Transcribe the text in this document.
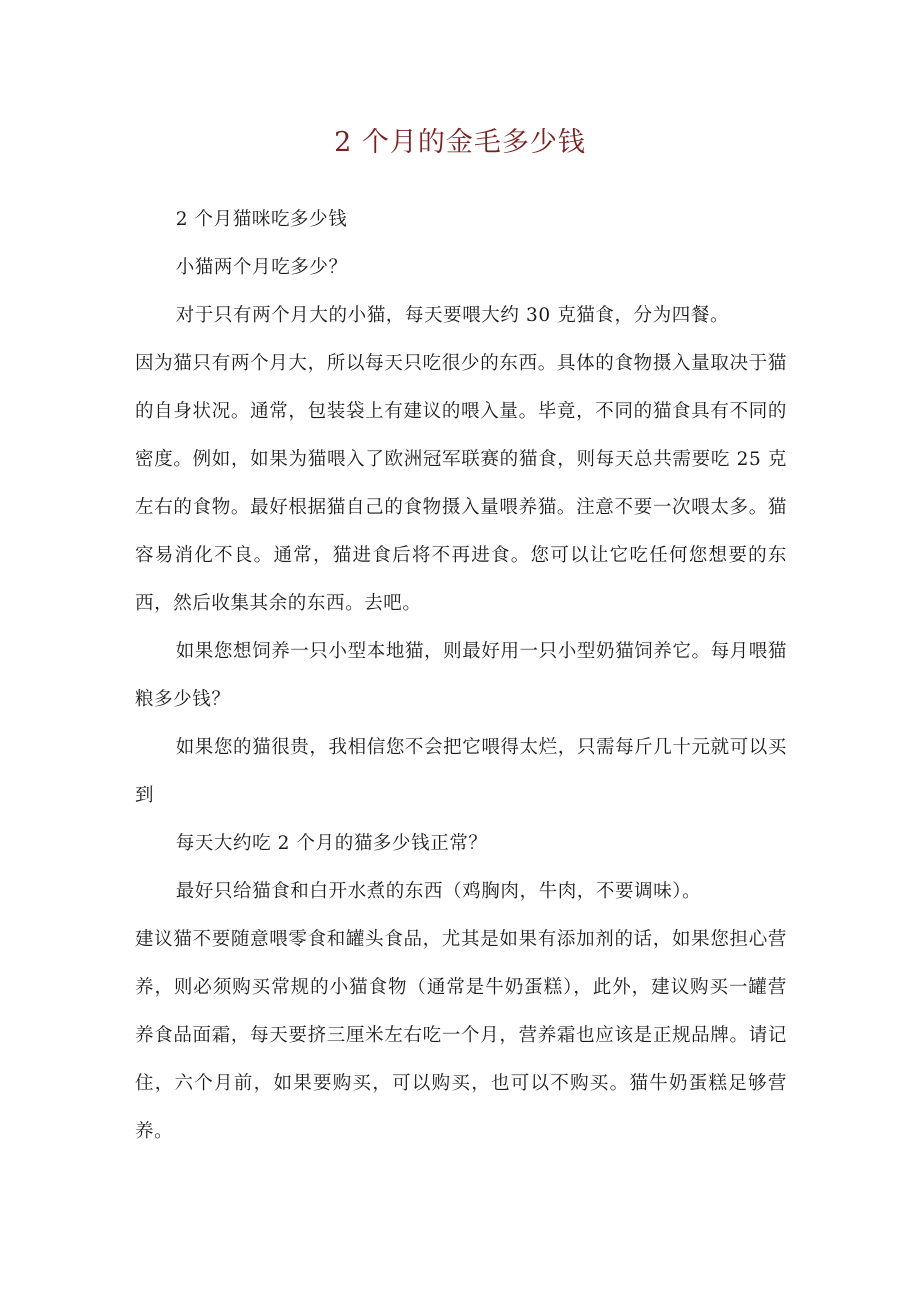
2 个月的金毛多少钱

2 个月猫咪吃多少钱

小猫两个月吃多少？

对于只有两个月大的小猫，每天要喂大约 30 克猫食，分为四餐。

因为猫只有两个月大，所以每天只吃很少的东西。具体的食物摄入量取决于猫的自身状况。通常，包装袋上有建议的喂入量。毕竟，不同的猫食具有不同的密度。例如，如果为猫喂入了欧洲冠军联赛的猫食，则每天总共需要吃 25 克左右的食物。最好根据猫自己的食物摄入量喂养猫。注意不要一次喂太多。猫容易消化不良。通常，猫进食后将不再进食。您可以让它吃任何您想要的东西，然后收集其余的东西。去吧。

如果您想饲养一只小型本地猫，则最好用一只小型奶猫饲养它。每月喂猫粮多少钱？

如果您的猫很贵，我相信您不会把它喂得太烂，只需每斤几十元就可以买到

每天大约吃 2 个月的猫多少钱正常？

最好只给猫食和白开水煮的东西（鸡胸肉，牛肉，不要调味）。

建议猫不要随意喂零食和罐头食品，尤其是如果有添加剂的话，如果您担心营养，则必须购买常规的小猫食物（通常是牛奶蛋糕），此外，建议购买一罐营养食品面霜，每天要挤三厘米左右吃一个月，营养霜也应该是正规品牌。请记住，六个月前，如果要购买，可以购买，也可以不购买。猫牛奶蛋糕足够营养。
